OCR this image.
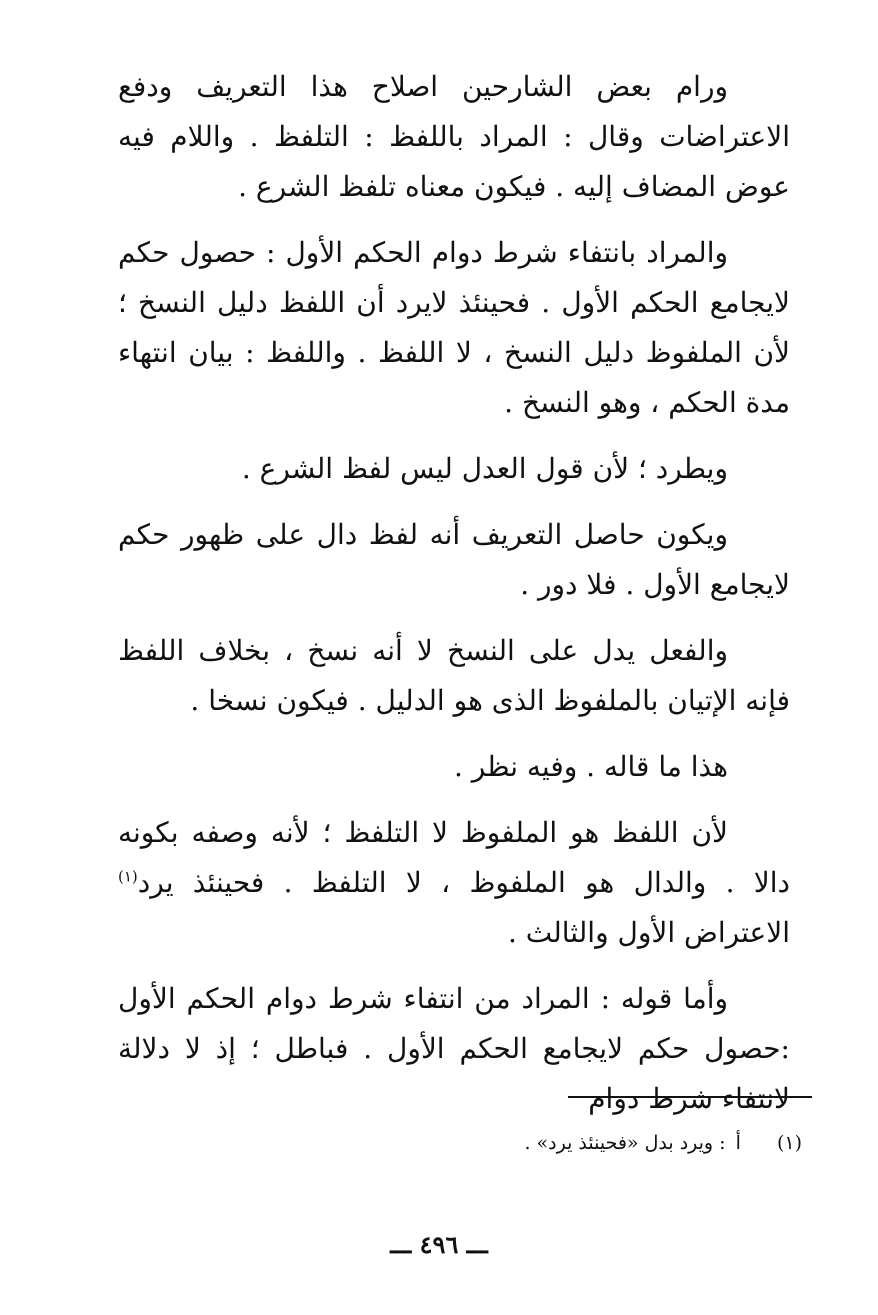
ورام بعض الشارحين اصلاح هذا التعريف ودفع الاعتراضات وقال : المراد باللفظ : التلفظ . واللام فيه عوض المضاف إليه . فيكون معناه تلفظ الشرع .

والمراد بانتفاء شرط دوام الحكم الأول : حصول حكم لايجامع الحكم الأول . فحينئذ لايرد أن اللفظ دليل النسخ ؛ لأن الملفوظ دليل النسخ ، لا اللفظ . واللفظ : بيان انتهاء مدة الحكم ، وهو النسخ .

ويطرد ؛ لأن قول العدل ليس لفظ الشرع .

ويكون حاصل التعريف أنه لفظ دال على ظهور حكم لايجامع الأول . فلا دور .

والفعل يدل على النسخ لا أنه نسخ ، بخلاف اللفظ فإنه الإتيان بالملفوظ الذى هو الدليل . فيكون نسخا .

هذا ما قاله . وفيه نظر .

لأن اللفظ هو الملفوظ لا التلفظ ؛ لأنه وصفه بكونه دالا . والدال هو الملفوظ ، لا التلفظ . فحينئذ يرد$^{(١)}$ الاعتراض الأول والثالث .

وأما قوله : المراد من انتفاء شرط دوام الحكم الأول :حصول حكم لايجامع الحكم الأول . فباطل ؛ إذ لا دلالة لانتفاء شرط دوام

(١) أ : ويرد بدل «فحينئذ يرد» .
ـــ ٤٩٦ ـــ
